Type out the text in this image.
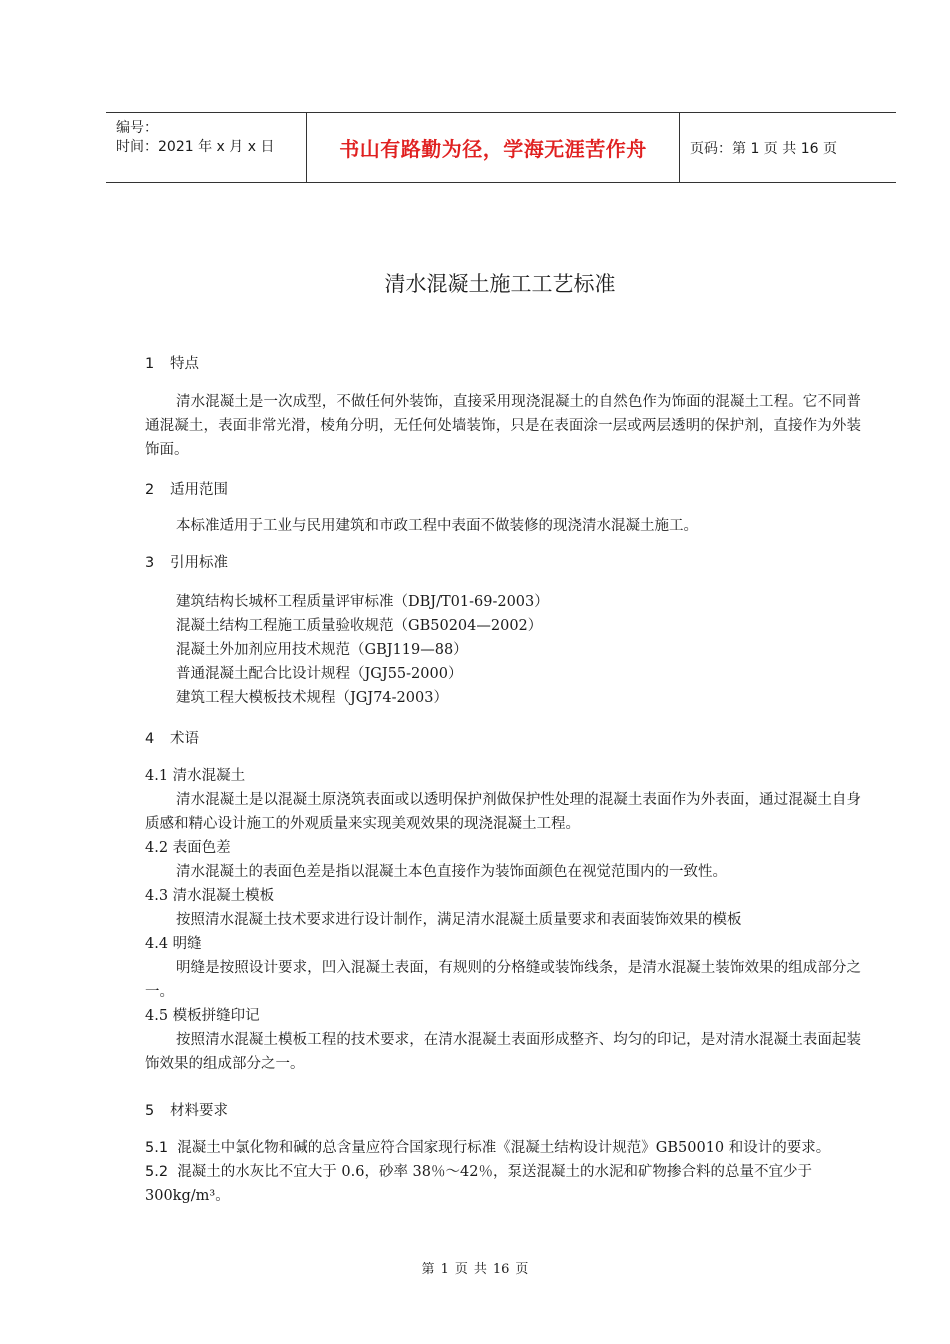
编号：
时间：2021 年 x 月 x 日	书山有路勤为径，学海无涯苦作舟	页码：第 1 页 共 16 页
清水混凝土施工工艺标准
1 特点
清水混凝土是一次成型，不做任何外装饰，直接采用现浇混凝土的自然色作为饰面的混凝土工程。它不同普通混凝土，表面非常光滑，棱角分明，无任何处墙装饰，只是在表面涂一层或两层透明的保护剂，直接作为外装饰面。
2 适用范围
本标准适用于工业与民用建筑和市政工程中表面不做装修的现浇清水混凝土施工。
3 引用标准
建筑结构长城杯工程质量评审标准（DBJ/T01-69-2003）
混凝土结构工程施工质量验收规范（GB50204—2002）
混凝土外加剂应用技术规范（GBJ119—88）
普通混凝土配合比设计规程（JGJ55-2000）
建筑工程大模板技术规程（JGJ74-2003）
4 术语
4.1 清水混凝土
清水混凝土是以混凝土原浇筑表面或以透明保护剂做保护性处理的混凝土表面作为外表面，通过混凝土自身质感和精心设计施工的外观质量来实现美观效果的现浇混凝土工程。
4.2 表面色差
清水混凝土的表面色差是指以混凝土本色直接作为装饰面颜色在视觉范围内的一致性。
4.3 清水混凝土模板
按照清水混凝土技术要求进行设计制作，满足清水混凝土质量要求和表面装饰效果的模板
4.4 明缝
明缝是按照设计要求，凹入混凝土表面，有规则的分格缝或装饰线条，是清水混凝土装饰效果的组成部分之一。
4.5 模板拼缝印记
按照清水混凝土模板工程的技术要求，在清水混凝土表面形成整齐、均匀的印记，是对清水混凝土表面起装饰效果的组成部分之一。
5 材料要求
5.1 混凝土中氯化物和碱的总含量应符合国家现行标准《混凝土结构设计规范》GB50010 和设计的要求。
5.2 混凝土的水灰比不宜大于 0.6，砂率 38％～42％，泵送混凝土的水泥和矿物掺合料的总量不宜少于 300kg/m³。
第 1 页 共 16 页
